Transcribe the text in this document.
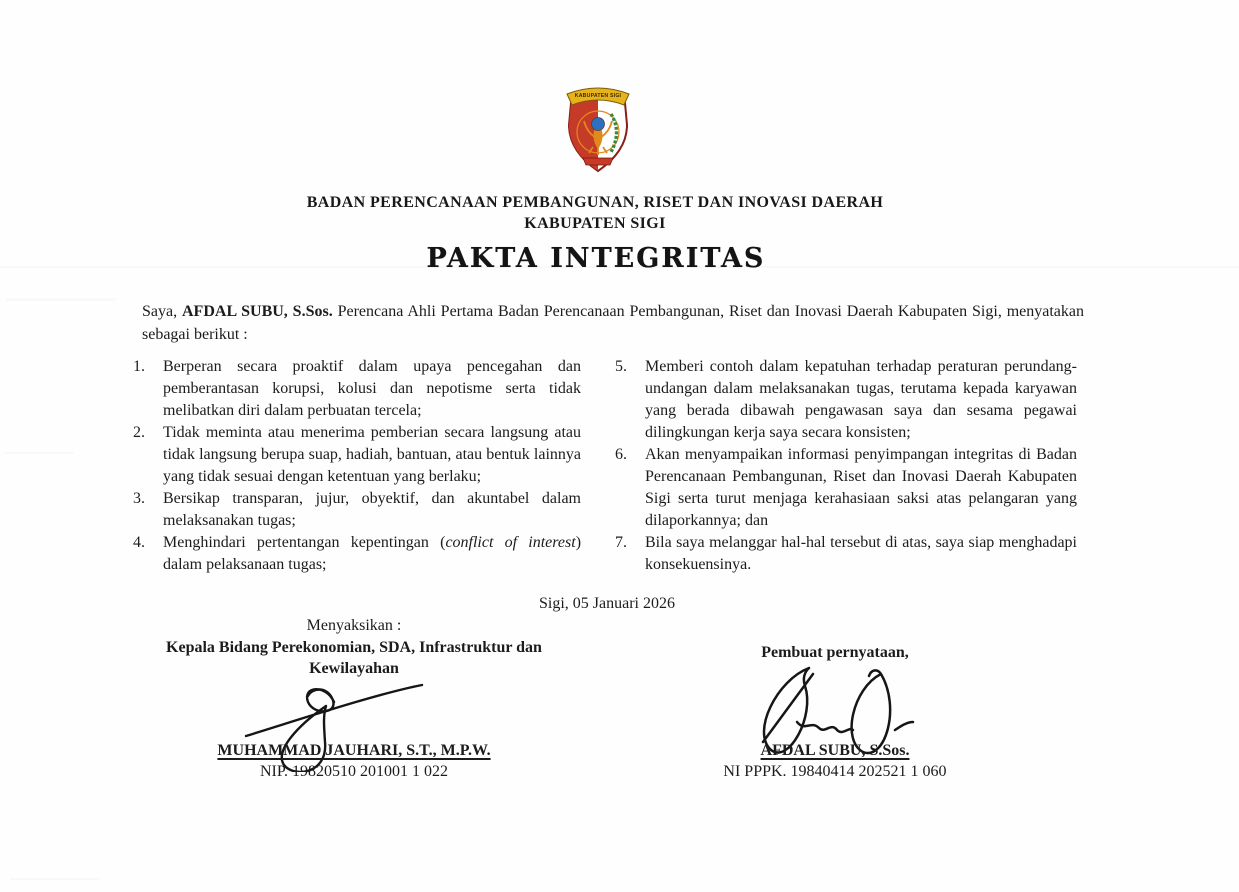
KABUPATEN SIGI
BADAN PERENCANAAN PEMBANGUNAN, RISET DAN INOVASI DAERAH
KABUPATEN SIGI
PAKTA INTEGRITAS
Saya, AFDAL SUBU, S.Sos. Perencana Ahli Pertama Badan Perencanaan Pembangunan, Riset dan Inovasi Daerah Kabupaten Sigi, menyatakan sebagai berikut :
1.	Berperan secara proaktif dalam upaya pencegahan dan pemberantasan korupsi, kolusi dan nepotisme serta tidak melibatkan diri dalam perbuatan tercela;
2.	Tidak meminta atau menerima pemberian secara langsung atau tidak langsung berupa suap, hadiah, bantuan, atau bentuk lainnya yang tidak sesuai dengan ketentuan yang berlaku;
3.	Bersikap transparan, jujur, obyektif, dan akuntabel dalam melaksanakan tugas;
4.	Menghindari pertentangan kepentingan (conflict of interest) dalam pelaksanaan tugas;
5.	Memberi contoh dalam kepatuhan terhadap peraturan perundang-undangan dalam melaksanakan tugas, terutama kepada karyawan yang berada dibawah pengawasan saya dan sesama pegawai dilingkungan kerja saya secara konsisten;
6.	Akan menyampaikan informasi penyimpangan integritas di Badan Perencanaan Pembangunan, Riset dan Inovasi Daerah Kabupaten Sigi serta turut menjaga kerahasiaan saksi atas pelangaran yang dilaporkannya; dan
7.	Bila saya melanggar hal-hal tersebut di atas, saya siap menghadapi konsekuensinya.
Sigi, 05 Januari 2026
Menyaksikan :
Kepala Bidang Perekonomian, SDA, Infrastruktur dan Kewilayahan
MUHAMMAD JAUHARI, S.T., M.P.W.
NIP. 19820510 201001 1 022
Pembuat pernyataan,
AFDAL SUBU, S.Sos.
NI PPPK. 19840414 202521 1 060
